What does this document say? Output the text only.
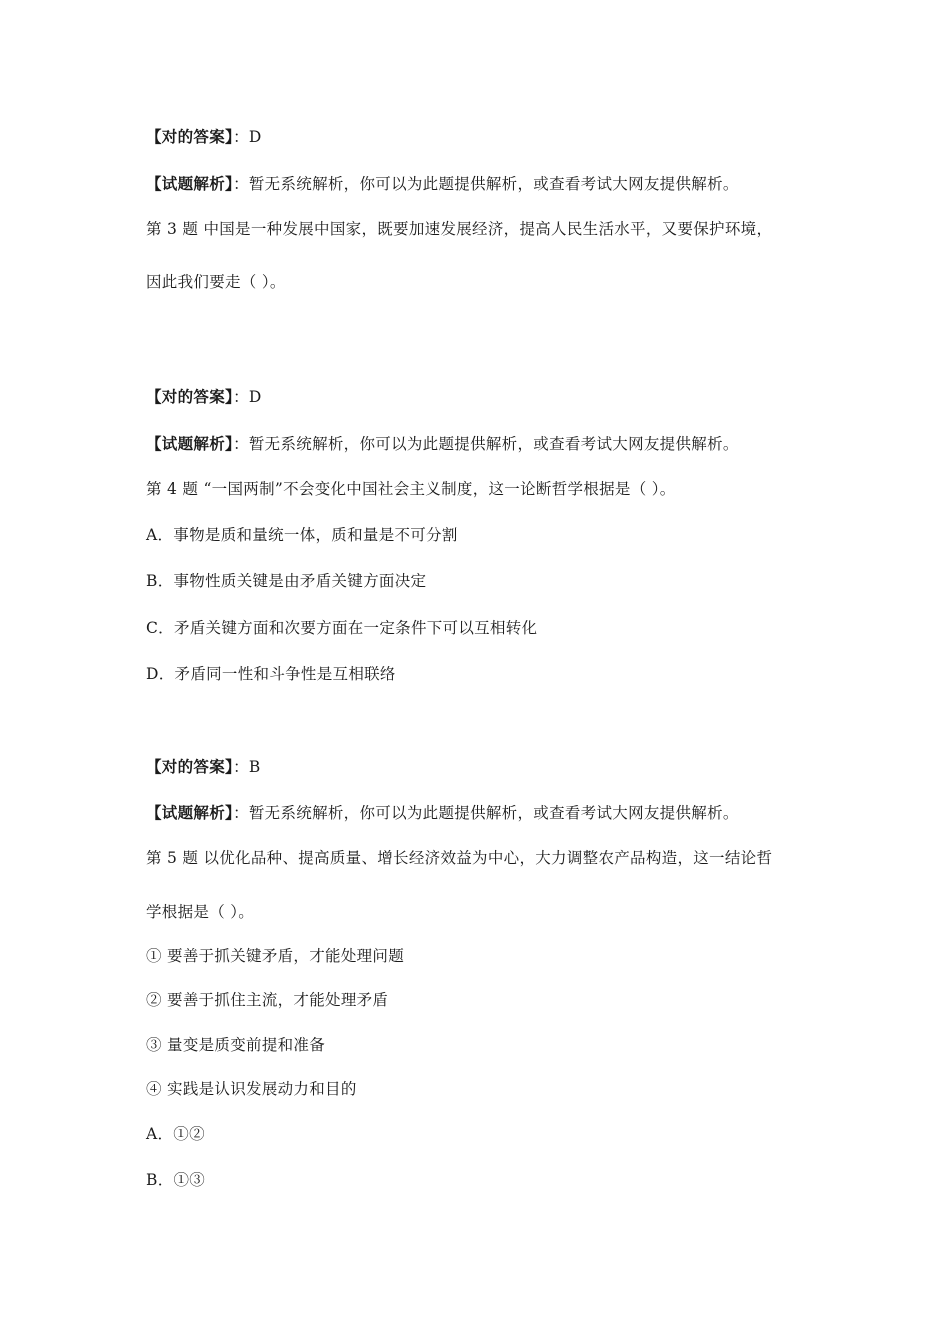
【对的答案】：D
【试题解析】：暂无系统解析，你可以为此题提供解析，或查看考试大网友提供解析。
第 3 题 中国是一种发展中国家，既要加速发展经济，提高人民生活水平，又要保护环境，
因此我们要走（ ）。
【对的答案】：D
【试题解析】：暂无系统解析，你可以为此题提供解析，或查看考试大网友提供解析。
第 4 题 “一国两制”不会变化中国社会主义制度，这一论断哲学根据是（ ）。
A．事物是质和量统一体，质和量是不可分割
B．事物性质关键是由矛盾关键方面决定
C．矛盾关键方面和次要方面在一定条件下可以互相转化
D．矛盾同一性和斗争性是互相联络
【对的答案】：B
【试题解析】：暂无系统解析，你可以为此题提供解析，或查看考试大网友提供解析。
第 5 题 以优化品种、提高质量、增长经济效益为中心，大力调整农产品构造，这一结论哲
学根据是（ ）。
① 要善于抓关键矛盾，才能处理问题
② 要善于抓住主流，才能处理矛盾
③ 量变是质变前提和准备
④ 实践是认识发展动力和目的
A．①②
B．①③
